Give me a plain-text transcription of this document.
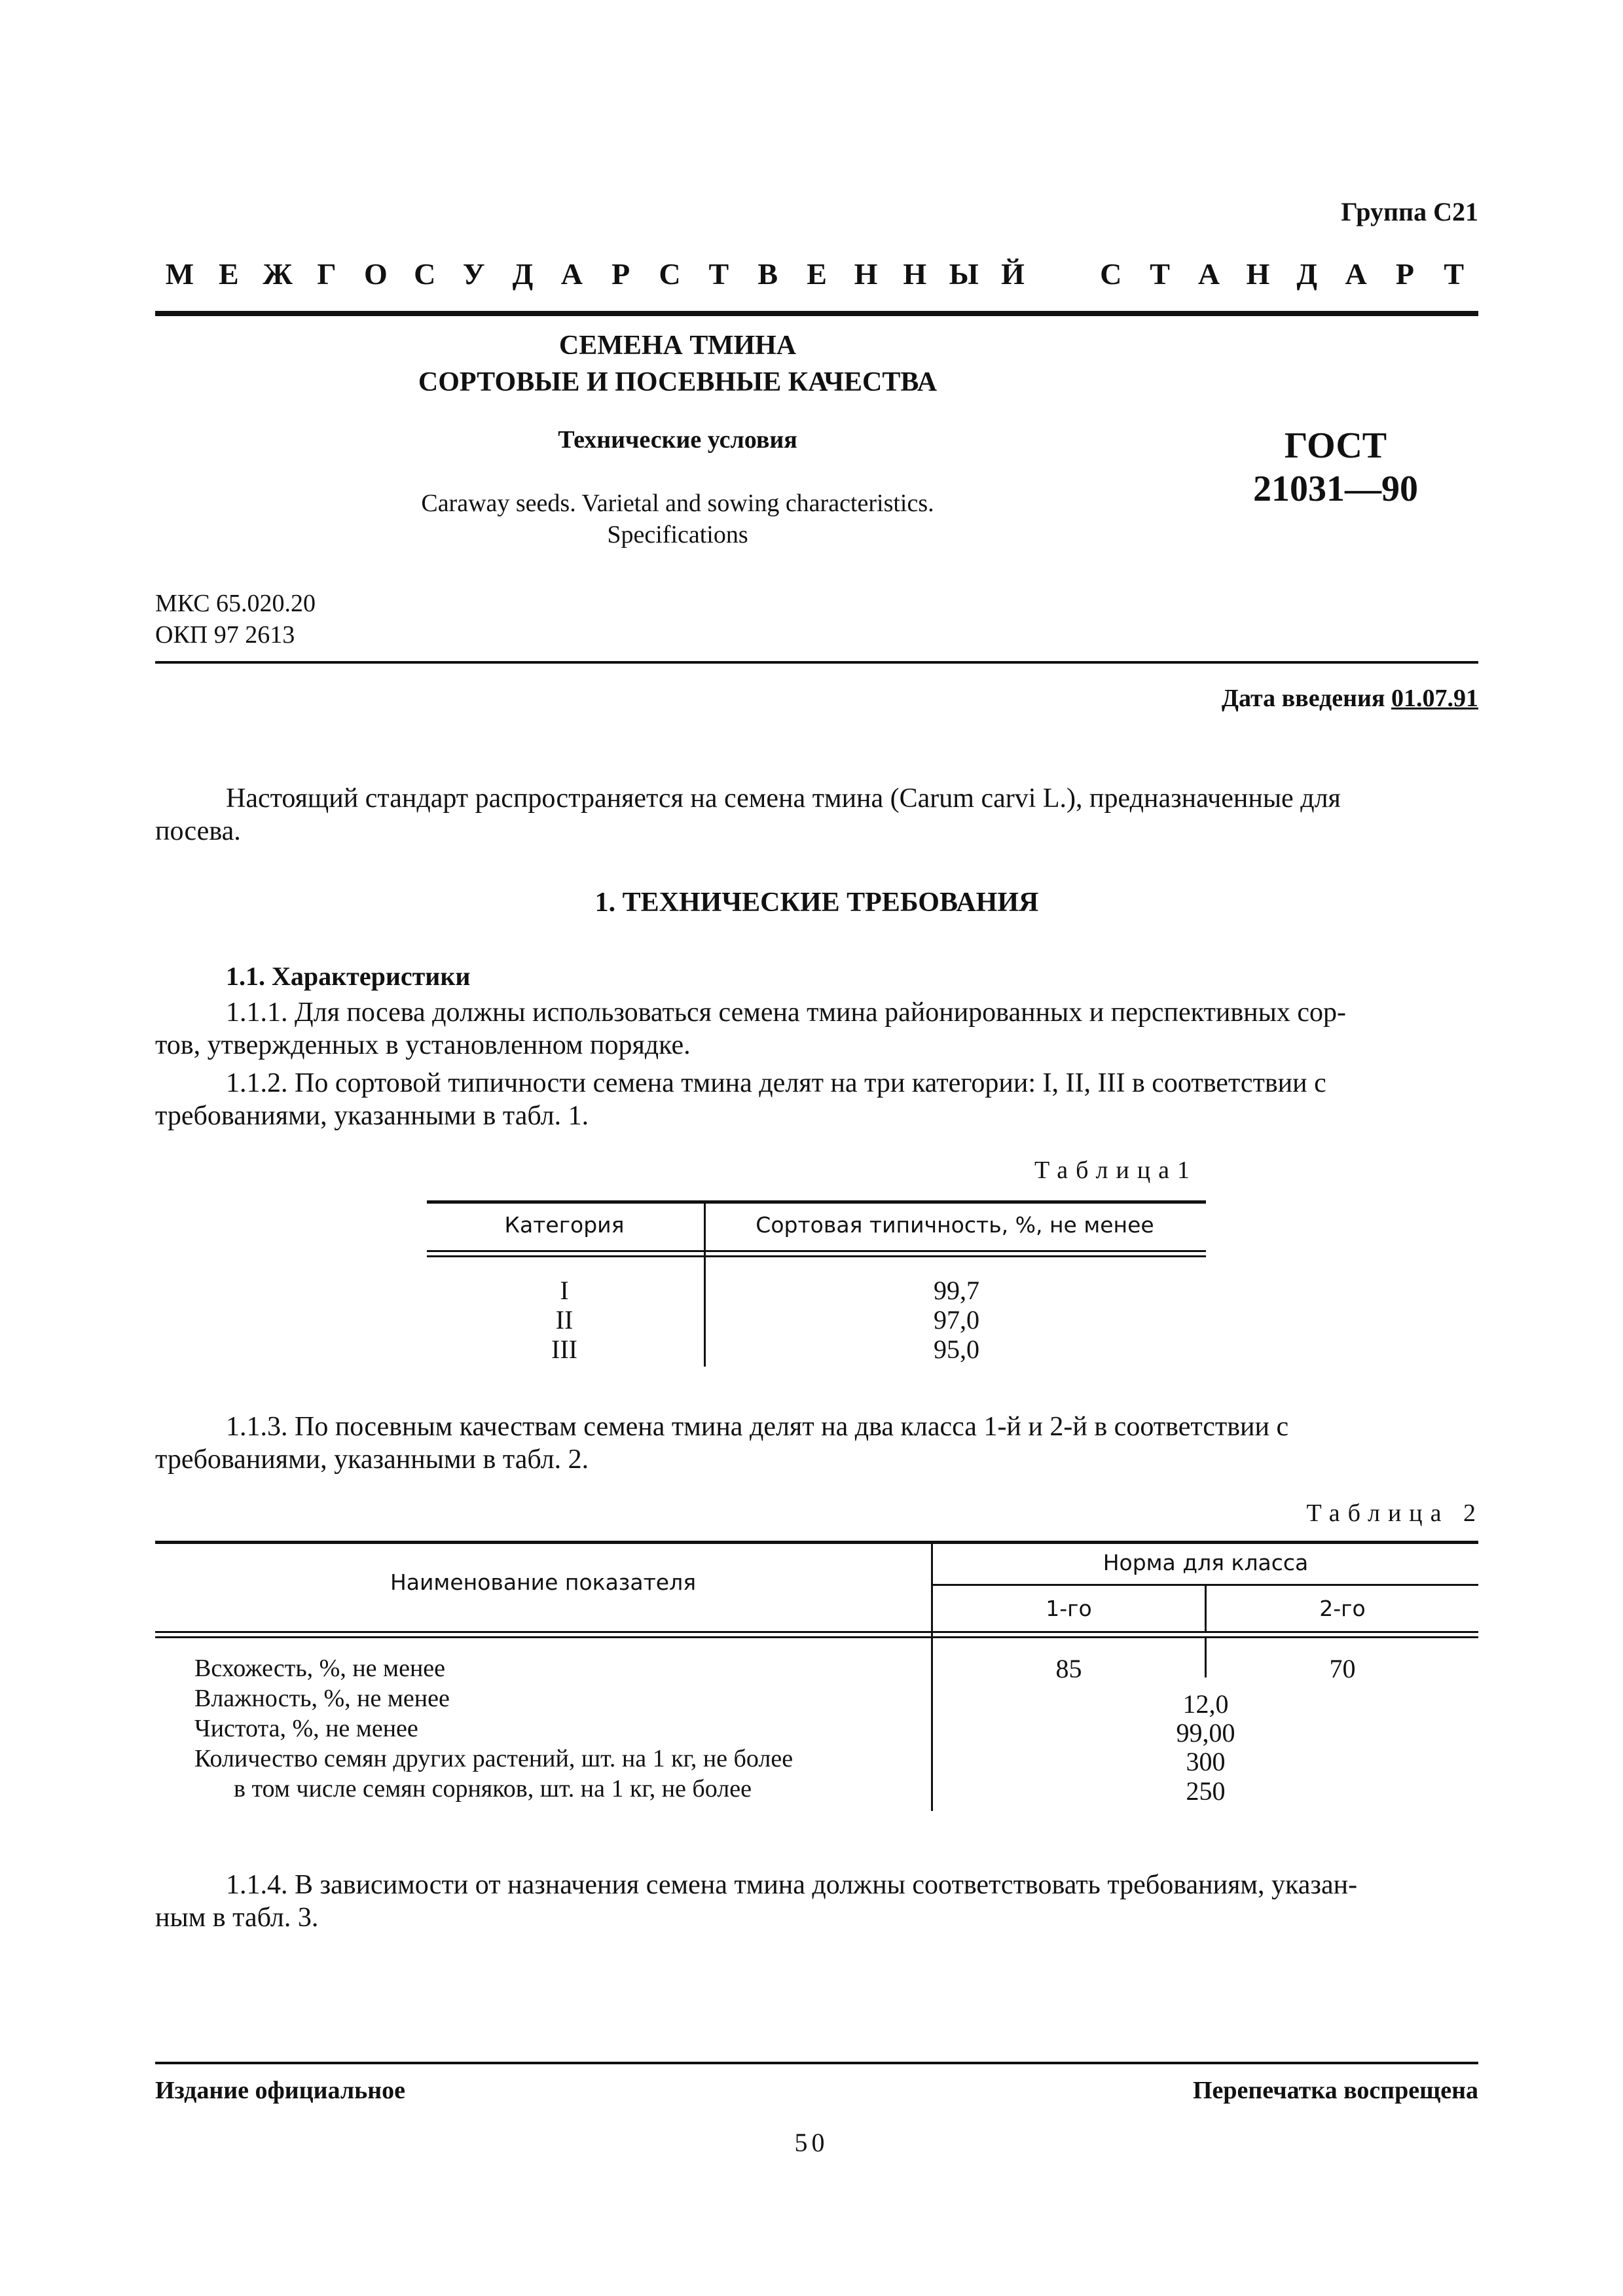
Группа С21
М Е Ж Г О С У Д А Р С Т В Е Н Н Ы Й	С Т А Н Д А Р Т
СЕМЕНА ТМИНА
СОРТОВЫЕ И ПОСЕВНЫЕ КАЧЕСТВА
Технические условия
Caraway seeds. Varietal and sowing characteristics.
Specifications
ГОСТ
21031—90
МКС 65.020.20
ОКП 97 2613
Дата введения 01.07.91
Настоящий стандарт распространяется на семена тмина (Carum carvi L.), предназначенные для
посева.
1. ТЕХНИЧЕСКИЕ ТРЕБОВАНИЯ
1.1. Характеристики
1.1.1. Для посева должны использоваться семена тмина районированных и перспективных сор-
тов, утвержденных в установленном порядке.
1.1.2. По сортовой типичности семена тмина делят на три категории: I, II, III в соответствии с
требованиями, указанными в табл. 1.
Таблица1
Категория	Сортовая типичность, %, не менее
I	99,7
II	97,0
III	95,0
1.1.3. По посевным качествам семена тмина делят на два класса 1-й и 2-й в соответствии с
требованиями, указанными в табл. 2.
Таблица 2
Наименование показателя
Норма для класса
1-го	2-го
Всхожесть, %, не менее	85	70
Влажность, %, не менее	12,0
Чистота, %, не менее	99,00
Количество семян других растений, шт. на 1 кг, не более	300
в том числе семян сорняков, шт. на 1 кг, не более	250
1.1.4. В зависимости от назначения семена тмина должны соответствовать требованиям, указан-
ным в табл. 3.
Издание официальное	Перепечатка воспрещена
50
